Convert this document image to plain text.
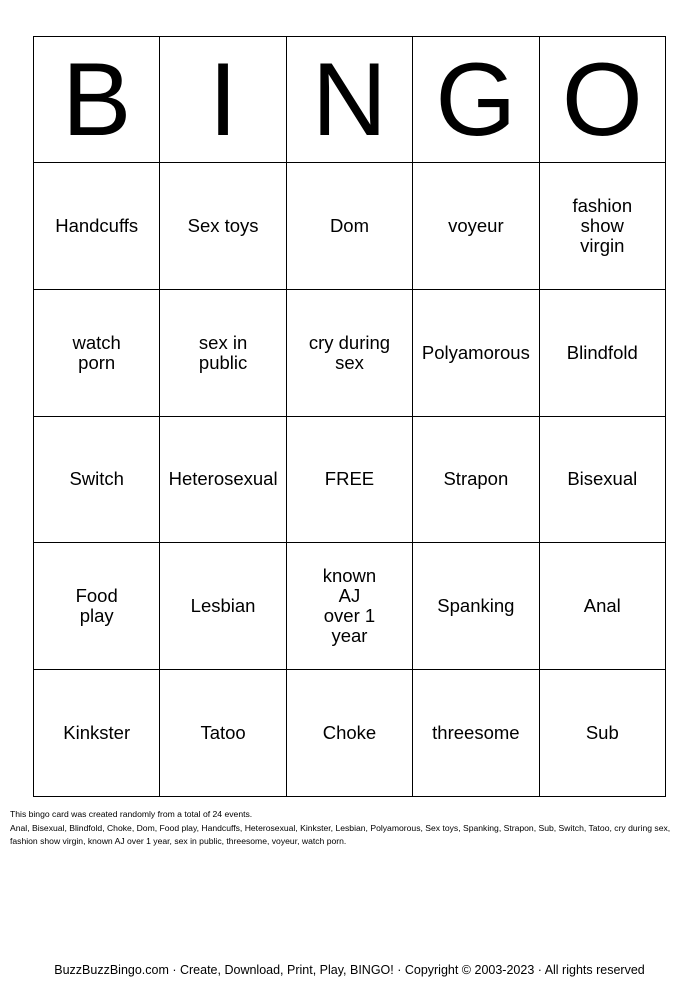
B	I	N	G	O
Handcuffs	Sex toys	Dom	voyeur	fashion show virgin
watch porn	sex in public	cry during sex	Polyamorous	Blindfold
Switch	Heterosexual	FREE	Strapon	Bisexual
Food play	Lesbian	known AJ over 1 year	Spanking	Anal
Kinkster	Tatoo	Choke	threesome	Sub
This bingo card was created randomly from a total of 24 events.
Anal, Bisexual, Blindfold, Choke, Dom, Food play, Handcuffs, Heterosexual, Kinkster, Lesbian, Polyamorous, Sex toys, Spanking, Strapon, Sub, Switch, Tatoo, cry during sex, fashion show virgin, known AJ over 1 year, sex in public, threesome, voyeur, watch porn.
BuzzBuzzBingo.com · Create, Download, Print, Play, BINGO! · Copyright © 2003-2023 · All rights reserved
